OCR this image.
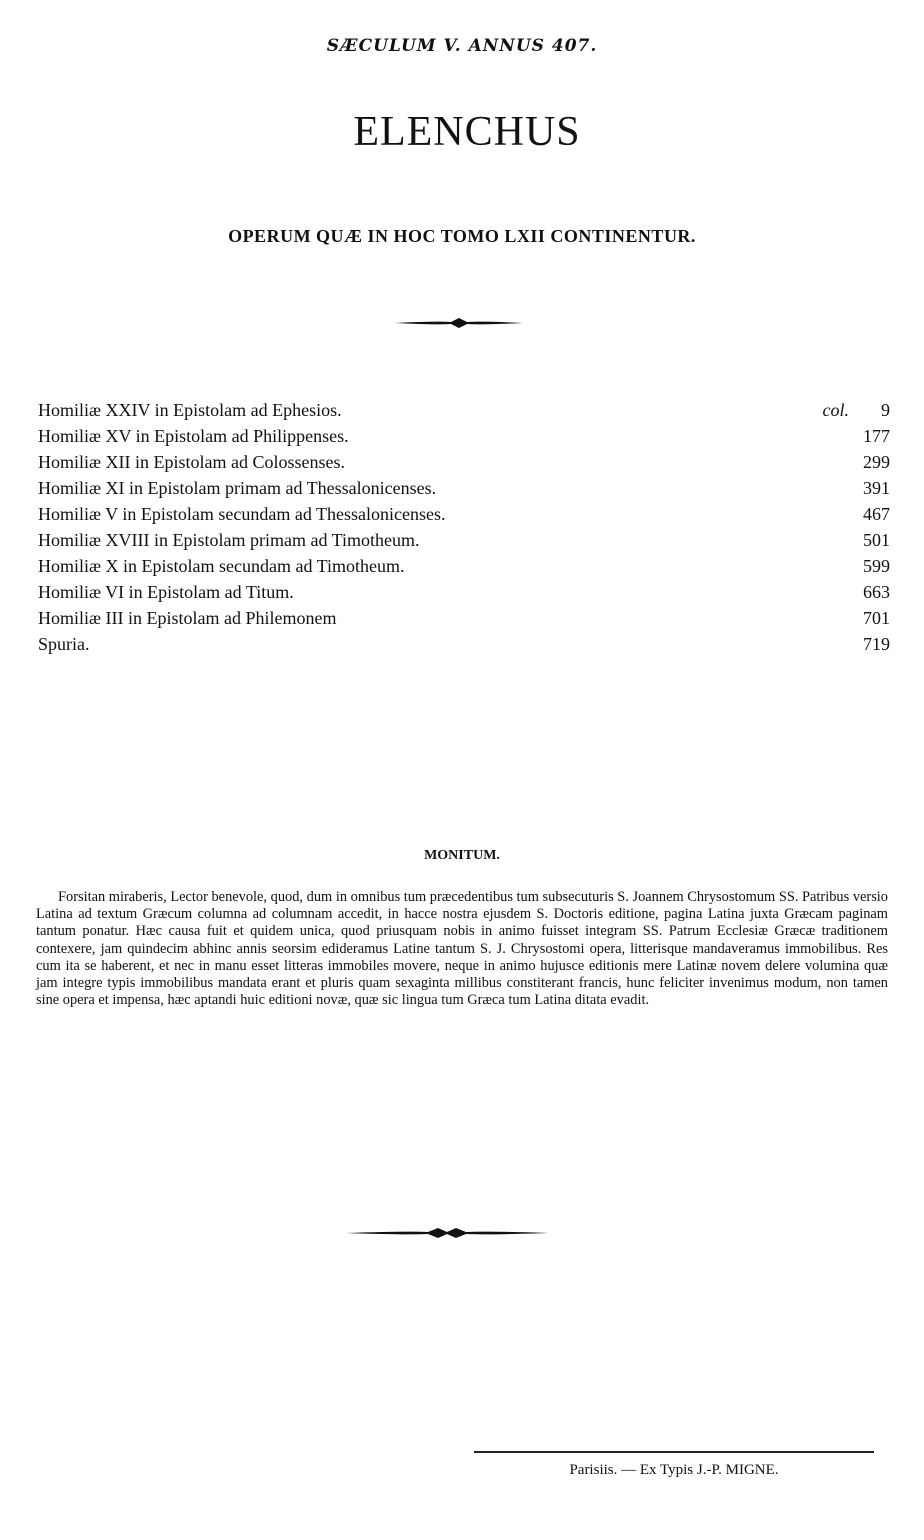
SÆCULUM V. ANNUS 407.
ELENCHUS
OPERUM QUÆ IN HOC TOMO LXII CONTINENTUR.
Homiliæ XXIV in Epistolam ad Ephesios.	col. 9
Homiliæ XV in Epistolam ad Philippenses.	177
Homiliæ XII in Epistolam ad Colossenses.	299
Homiliæ XI in Epistolam primam ad Thessalonicenses.	391
Homiliæ V in Epistolam secundam ad Thessalonicenses.	467
Homiliæ XVIII in Epistolam primam ad Timotheum.	501
Homiliæ X in Epistolam secundam ad Timotheum.	599
Homiliæ VI in Epistolam ad Titum.	663
Homiliæ III in Epistolam ad Philemonem	701
Spuria.	719
MONITUM.
Forsitan miraberis, Lector benevole, quod, dum in omnibus tum præcedentibus tum subsecuturis S. Joannem Chrysostomum SS. Patribus versio Latina ad textum Græcum columna ad columnam accedit, in hacce nostra ejusdem S. Doctoris editione, pagina Latina juxta Græcam paginam tantum ponatur. Hæc causa fuit et quidem unica, quod priusquam nobis in animo fuisset integram SS. Patrum Ecclesiæ Græcæ traditionem contexere, jam quindecim abhinc annis seorsim edideramus Latine tantum S. J. Chrysostomi opera, litterisque mandaveramus immobilibus. Res cum ita se haberent, et nec in manu esset litteras immobiles movere, neque in animo hujusce editionis mere Latinæ novem delere volumina quæ jam integre typis immobilibus mandata erant et pluris quam sexaginta millibus constiterant francis, hunc feliciter invenimus modum, non tamen sine opera et impensa, hæc aptandi huic editioni novæ, quæ sic lingua tum Græca tum Latina ditata evadit.
Parisiis. — Ex Typis J.-P. MIGNE.
